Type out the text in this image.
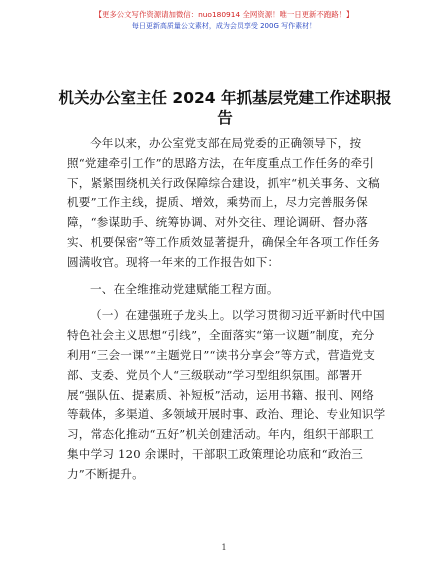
【更多公文写作资源请加微信：nuo180914 全网资源！唯一日更新不跑路！】
每日更新高质量公文素材，成为会员享受 200G 写作素材！
机关办公室主任 2024 年抓基层党建工作述职报
告
今年以来，办公室党支部在局党委的正确领导下，按
照“党建牵引工作”的思路方法，在年度重点工作任务的牵引
下，紧紧围绕机关行政保障综合建设，抓牢“机关事务、文稿
机要”工作主线，提质、增效，乘势而上，尽力完善服务保
障，“参谋助手、统筹协调、对外交往、理论调研、督办落
实、机要保密”等工作质效显著提升，确保全年各项工作任务
圆满收官。现将一年来的工作报告如下：
一、在全维推动党建赋能工程方面。
（一）在建强班子龙头上。以学习贯彻习近平新时代中国
特色社会主义思想“引线”，全面落实“第一议题”制度，充分
利用“三会一课”“主题党日”“读书分享会”等方式，营造党支
部、支委、党员个人“三级联动”学习型组织氛围。部署开
展“强队伍、提素质、补短板”活动，运用书籍、报刊、网络
等载体，多渠道、多领域开展时事、政治、理论、专业知识学
习，常态化推动“五好”机关创建活动。年内，组织干部职工
集中学习 120 余课时，干部职工政策理论功底和“政治三
力”不断提升。
1
